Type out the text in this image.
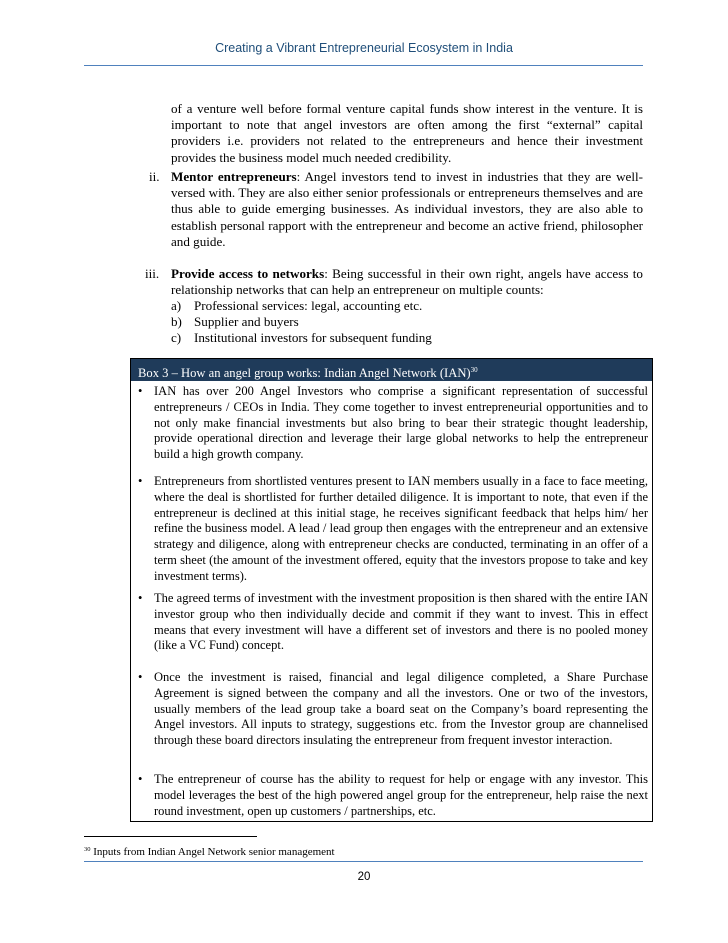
Creating a Vibrant Entrepreneurial Ecosystem in India
of a venture well before formal venture capital funds show interest in the venture. It is important to note that angel investors are often among the first “external” capital providers i.e. providers not related to the entrepreneurs and hence their investment provides the business model much needed credibility.
ii. Mentor entrepreneurs: Angel investors tend to invest in industries that they are well-versed with. They are also either senior professionals or entrepreneurs themselves and are thus able to guide emerging businesses. As individual investors, they are also able to establish personal rapport with the entrepreneur and become an active friend, philosopher and guide.
iii. Provide access to networks: Being successful in their own right, angels have access to relationship networks that can help an entrepreneur on multiple counts:
a) Professional services: legal, accounting etc.
b) Supplier and buyers
c) Institutional investors for subsequent funding
Box 3 – How an angel group works: Indian Angel Network (IAN)$^{30}$
• IAN has over 200 Angel Investors who comprise a significant representation of successful entrepreneurs / CEOs in India. They come together to invest entrepreneurial opportunities and to not only make financial investments but also bring to bear their strategic thought leadership, provide operational direction and leverage their large global networks to help the entrepreneur build a high growth company.
• Entrepreneurs from shortlisted ventures present to IAN members usually in a face to face meeting, where the deal is shortlisted for further detailed diligence. It is important to note, that even if the entrepreneur is declined at this initial stage, he receives significant feedback that helps him/ her refine the business model. A lead / lead group then engages with the entrepreneur and an extensive strategy and diligence, along with entrepreneur checks are conducted, terminating in an offer of a term sheet (the amount of the investment offered, equity that the investors propose to take and key investment terms).
• The agreed terms of investment with the investment proposition is then shared with the entire IAN investor group who then individually decide and commit if they want to invest. This in effect means that every investment will have a different set of investors and there is no pooled money (like a VC Fund) concept.
• Once the investment is raised, financial and legal diligence completed, a Share Purchase Agreement is signed between the company and all the investors. One or two of the investors, usually members of the lead group take a board seat on the Company’s board representing the Angel investors. All inputs to strategy, suggestions etc. from the Investor group are channelised through these board directors insulating the entrepreneur from frequent investor interaction.
• The entrepreneur of course has the ability to request for help or engage with any investor. This model leverages the best of the high powered angel group for the entrepreneur, help raise the next round investment, open up customers / partnerships, etc.
$^{30}$ Inputs from Indian Angel Network senior management
20
